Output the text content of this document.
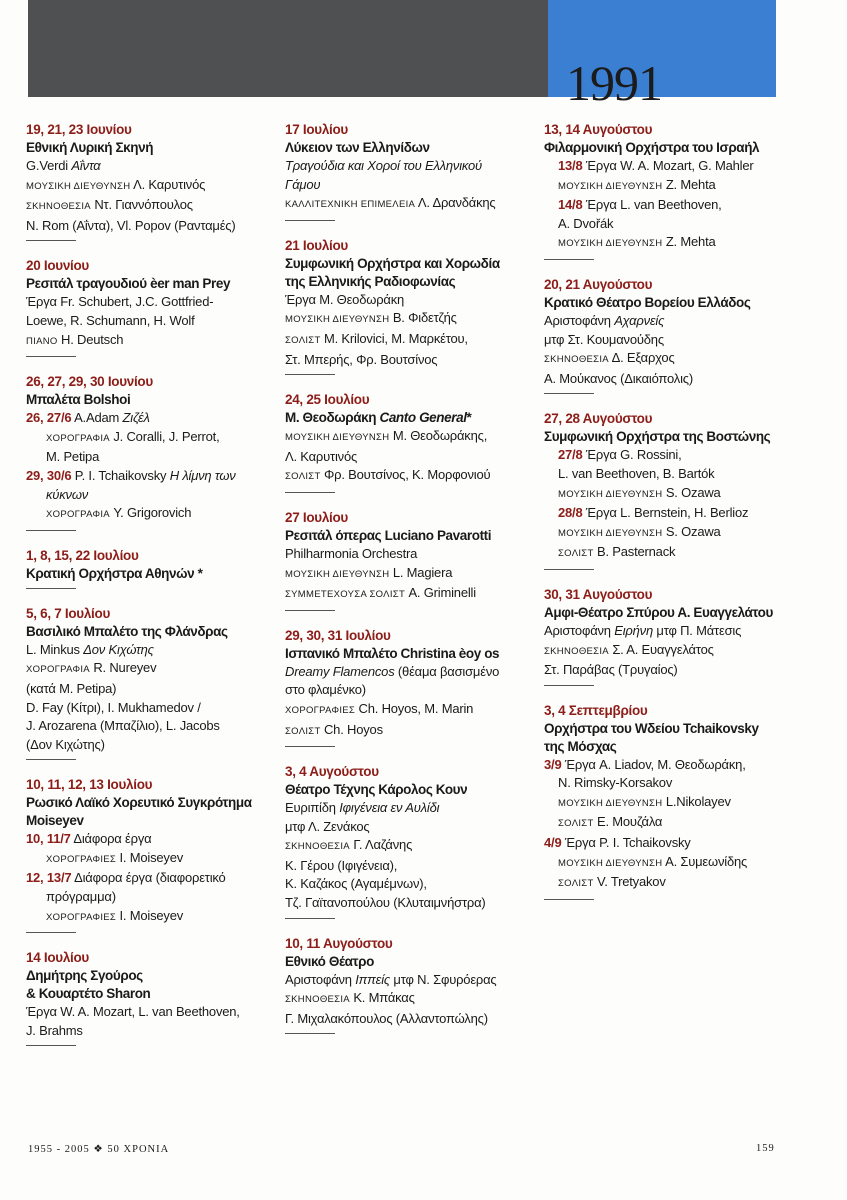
1991
19, 21, 23 Ιουνίου
Εθνική Λυρική Σκηνή
G.Verdi Αΐντα
ΜΟΥΣΙΚΗ ΔΙΕΥΘΥΝΣΗ Λ. Καρυτινός
ΣΚΗΝΟΘΕΣΙΑ Ντ. Γιαννόπουλος
N. Rom (Αΐντα), Vl. Popov (Ρανταμές)
20 Ιουνίου
Ρεσιτάλ τραγουδιού ѐer man Prey
Έργα Fr. Schubert, J.C. Gottfried-
Loewe, R. Schumann, H. Wolf
ΠΙΑΝΟ H. Deutsch
26, 27, 29, 30 Ιουνίου
Μπαλέτα Bolshoi
26, 27/6 A.Adam Ζιζέλ
ΧΟΡΟΓΡΑΦΙΑ J. Coralli, J. Perrot,
M. Petipa
29, 30/6 P. I. Tchaikovsky Η λίμνη των
κύκνων
ΧΟΡΟΓΡΑΦΙΑ Y. Grigorovich
1, 8, 15, 22 Ιουλίου
Κρατική Ορχήστρα Αθηνών *
5, 6, 7 Ιουλίου
Βασιλικό Μπαλέτο της Φλάνδρας
L. Minkus Δον Κιχώτης
ΧΟΡΟΓΡΑΦΙΑ R. Nureyev
(κατά M. Petipa)
D. Fay (Κίτρι), I. Mukhamedov /
J. Arozarena (Μπαζίλιο), L. Jacobs
(Δον Κιχώτης)
10, 11, 12, 13 Ιουλίου
Ρωσικό Λαϊκό Χορευτικό Συγκρότημα
Moiseyev
10, 11/7 Διάφορα έργα
ΧΟΡΟΓΡΑΦΙΕΣ I. Moiseyev
12, 13/7 Διάφορα έργα (διαφορετικό
πρόγραμμα)
ΧΟΡΟΓΡΑΦΙΕΣ I. Moiseyev
14 Ιουλίου
Δημήτρης Σγούρος
& Κουαρτέτο Sharon
Έργα W. A. Mozart, L. van Beethoven,
J. Brahms
17 Ιουλίου
Λύκειον των Ελληνίδων
Τραγούδια και Χοροί του Ελληνικού
Γάμου
ΚΑΛΛΙΤΕΧΝΙΚΗ ΕΠΙΜΕΛΕΙΑ Λ. Δρανδάκης
21 Ιουλίου
Συμφωνική Ορχήστρα και Χορωδία
της Ελληνικής Ραδιοφωνίας
Έργα Μ. Θεοδωράκη
ΜΟΥΣΙΚΗ ΔΙΕΥΘΥΝΣΗ Β. Φιδετζής
ΣΟΛΙΣΤ M. Krilovici, Μ. Μαρκέτου,
Στ. Μπερής, Φρ. Βουτσίνος
24, 25 Ιουλίου
Μ. Θεοδωράκη Canto General*
ΜΟΥΣΙΚΗ ΔΙΕΥΘΥΝΣΗ Μ. Θεοδωράκης,
Λ. Καρυτινός
ΣΟΛΙΣΤ Φρ. Βουτσίνος, Κ. Μορφονιού
27 Ιουλίου
Ρεσιτάλ όπερας Luciano Pavarotti
Philharmonia Orchestra
ΜΟΥΣΙΚΗ ΔΙΕΥΘΥΝΣΗ L. Magiera
ΣΥΜΜΕΤΕΧΟΥΣΑ ΣΟΛΙΣΤ A. Griminelli
29, 30, 31 Ιουλίου
Ισπανικό Μπαλέτο Christina èoy os
Dreamy Flamencos (θέαμα βασισμένο
στο φλαμένκο)
ΧΟΡΟΓΡΑΦΙΕΣ Ch. Hoyos, M. Marin
ΣΟΛΙΣΤ Ch. Hoyos
3, 4 Αυγούστου
Θέατρο Τέχνης Κάρολος Κουν
Ευριπίδη Ιφιγένεια εν Αυλίδι
μτφ Λ. Ζενάκος
ΣΚΗΝΟΘΕΣΙΑ Γ. Λαζάνης
Κ. Γέρου (Ιφιγένεια),
Κ. Καζάκος (Αγαμέμνων),
Τζ. Γαϊτανοπούλου (Κλυταιμνήστρα)
10, 11 Αυγούστου
Εθνικό Θέατρο
Αριστοφάνη Ιππείς μτφ Ν. Σφυρόερας
ΣΚΗΝΟΘΕΣΙΑ Κ. Μπάκας
Γ. Μιχαλακόπουλος (Αλλαντοπώλης)
13, 14 Αυγούστου
Φιλαρμονική Ορχήστρα του Ισραήλ
13/8 Έργα W. A. Mozart, G. Mahler
ΜΟΥΣΙΚΗ ΔΙΕΥΘΥΝΣΗ Z. Mehta
14/8 Έργα L. van Beethoven,
A. Dvořák
ΜΟΥΣΙΚΗ ΔΙΕΥΘΥΝΣΗ Z. Mehta
20, 21 Αυγούστου
Κρατικό Θέατρο Βορείου Ελλάδος
Αριστοφάνη Αχαρνείς
μτφ Στ. Κουμανούδης
ΣΚΗΝΟΘΕΣΙΑ Δ. Εξαρχος
Α. Μούκανος (Δικαιόπολις)
27, 28 Αυγούστου
Συμφωνική Ορχήστρα της Βοστώνης
27/8 Έργα G. Rossini,
L. van Beethoven, B. Bartók
ΜΟΥΣΙΚΗ ΔΙΕΥΘΥΝΣΗ S. Ozawa
28/8 Έργα L. Bernstein, H. Berlioz
ΜΟΥΣΙΚΗ ΔΙΕΥΘΥΝΣΗ S. Ozawa
ΣΟΛΙΣΤ B. Pasternack
30, 31 Αυγούστου
Αμφι-Θέατρο Σπύρου Α. Ευαγγελάτου
Αριστοφάνη Ειρήνη μτφ Π. Μάτεσις
ΣΚΗΝΟΘΕΣΙΑ Σ. Α. Ευαγγελάτος
Στ. Παράβας (Τρυγαίος)
3, 4 Σεπτεμβρίου
Ορχήστρα του Wδείου Tchaikovsky
της Μόσχας
3/9 Έργα A. Liadov, Μ. Θεοδωράκη,
N. Rimsky-Korsakov
ΜΟΥΣΙΚΗ ΔΙΕΥΘΥΝΣΗ L.Nikolayev
ΣΟΛΙΣΤ Ε. Μουζάλα
4/9 Έργα P. I. Tchaikovsky
ΜΟΥΣΙΚΗ ΔΙΕΥΘΥΝΣΗ Α. Συμεωνίδης
ΣΟΛΙΣΤ V. Tretyakov
1955 - 2005 ❖ 50 ΧΡΟΝΙΑ	159
